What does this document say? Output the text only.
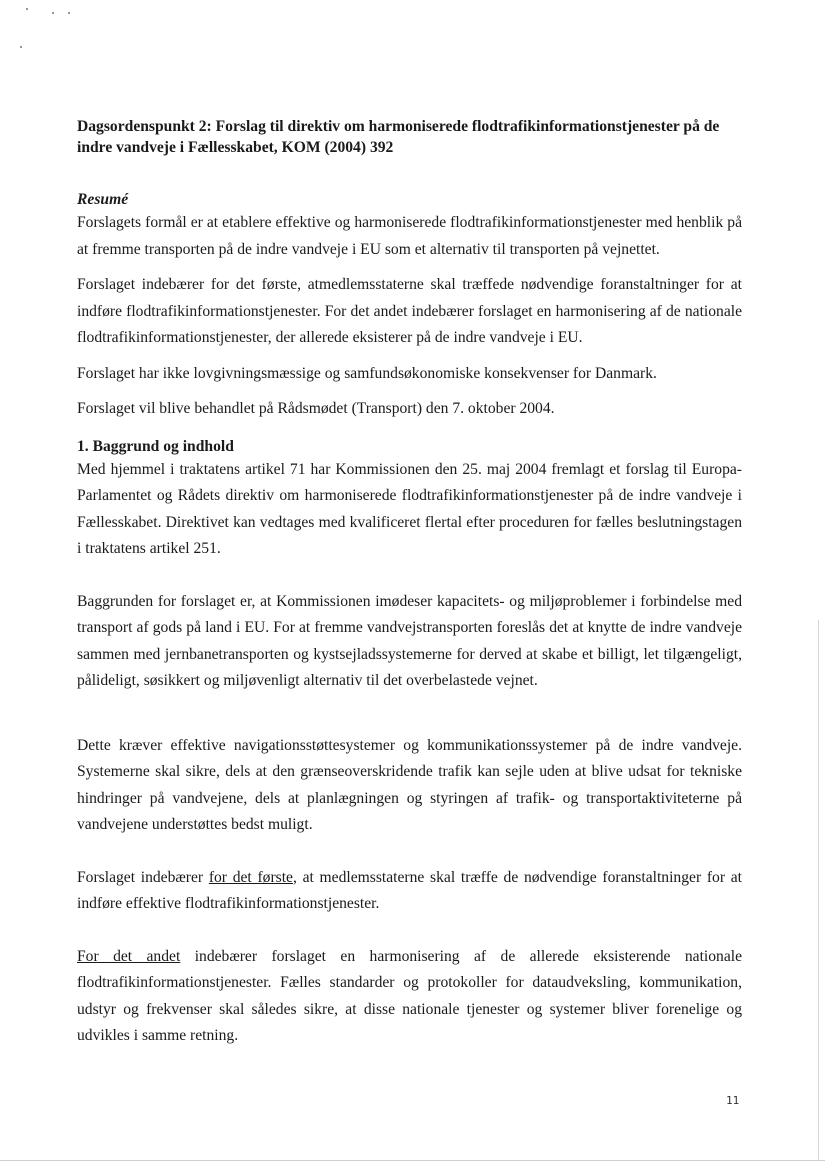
Dagsordenspunkt 2: Forslag til direktiv om harmoniserede flodtrafikinformationstjenester på de indre vandveje i Fællesskabet, KOM (2004) 392
Resumé

Forslagets formål er at etablere effektive og harmoniserede flodtrafikinformationstjenester med henblik på at fremme transporten på de indre vandveje i EU som et alternativ til transporten på vejnettet.

Forslaget indebærer for det første, atmedlemsstaterne skal træffede nødvendige foranstaltninger for at indføre flodtrafikinformationstjenester. For det andet indebærer forslaget en harmonisering af de nationale flodtrafikinformationstjenester, der allerede eksisterer på de indre vandveje i EU.

Forslaget har ikke lovgivningsmæssige og samfundsøkonomiske konsekvenser for Danmark.

Forslaget vil blive behandlet på Rådsmødet (Transport) den 7. oktober 2004.

1. Baggrund og indhold

Med hjemmel i traktatens artikel 71 har Kommissionen den 25. maj 2004 fremlagt et forslag til Europa-Parlamentet og Rådets direktiv om harmoniserede flodtrafikinformationstjenester på de indre vandveje i Fællesskabet. Direktivet kan vedtages med kvalificeret flertal efter proceduren for fælles beslutningstagen i traktatens artikel 251.

Baggrunden for forslaget er, at Kommissionen imødeser kapacitets- og miljøproblemer i forbindelse med transport af gods på land i EU. For at fremme vandvejstransporten foreslås det at knytte de indre vandveje sammen med jernbanetransporten og kystsejladssystemerne for derved at skabe et billigt, let tilgængeligt, pålideligt, søsikkert og miljøvenligt alternativ til det overbelastede vejnet.

Dette kræver effektive navigationsstøttesystemer og kommunikationssystemer på de indre vandveje. Systemerne skal sikre, dels at den grænseoverskridende trafik kan sejle uden at blive udsat for tekniske hindringer på vandvejene, dels at planlægningen og styringen af trafik- og transportaktiviteterne på vandvejene understøttes bedst muligt.

Forslaget indebærer for det første, at medlemsstaterne skal træffe de nødvendige foranstaltninger for at indføre effektive flodtrafikinformationstjenester.

For det andet indebærer forslaget en harmonisering af de allerede eksisterende nationale flodtrafikinformationstjenester. Fælles standarder og protokoller for dataudveksling, kommunikation, udstyr og frekvenser skal således sikre, at disse nationale tjenester og systemer bliver forenelige og udvikles i samme retning.

11
